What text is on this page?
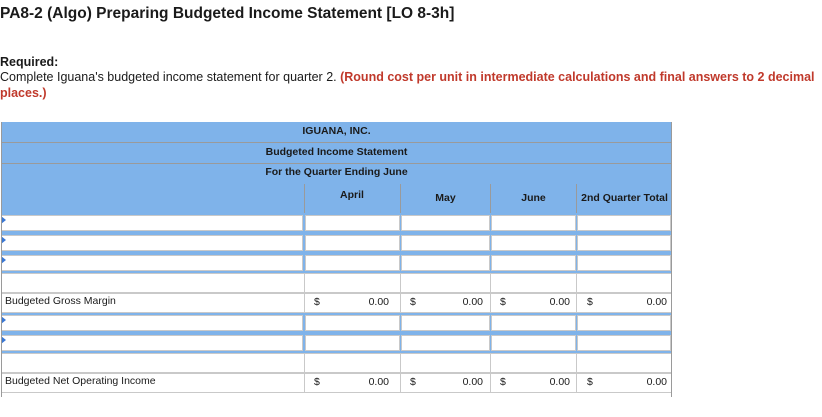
PA8-2 (Algo) Preparing Budgeted Income Statement [LO 8-3h]
Required:
Complete Iguana's budgeted income statement for quarter 2. (Round cost per unit in intermediate calculations and final answers to 2 decimal places.)
IGUANA, INC.
Budgeted Income Statement
For the Quarter Ending June
April	May	June	2nd Quarter Total
Budgeted Gross Margin	$	0.00 $	0.00 $	0.00 $	0.00
Budgeted Net Operating Income	$	0.00 $	0.00 $	0.00 $	0.00
